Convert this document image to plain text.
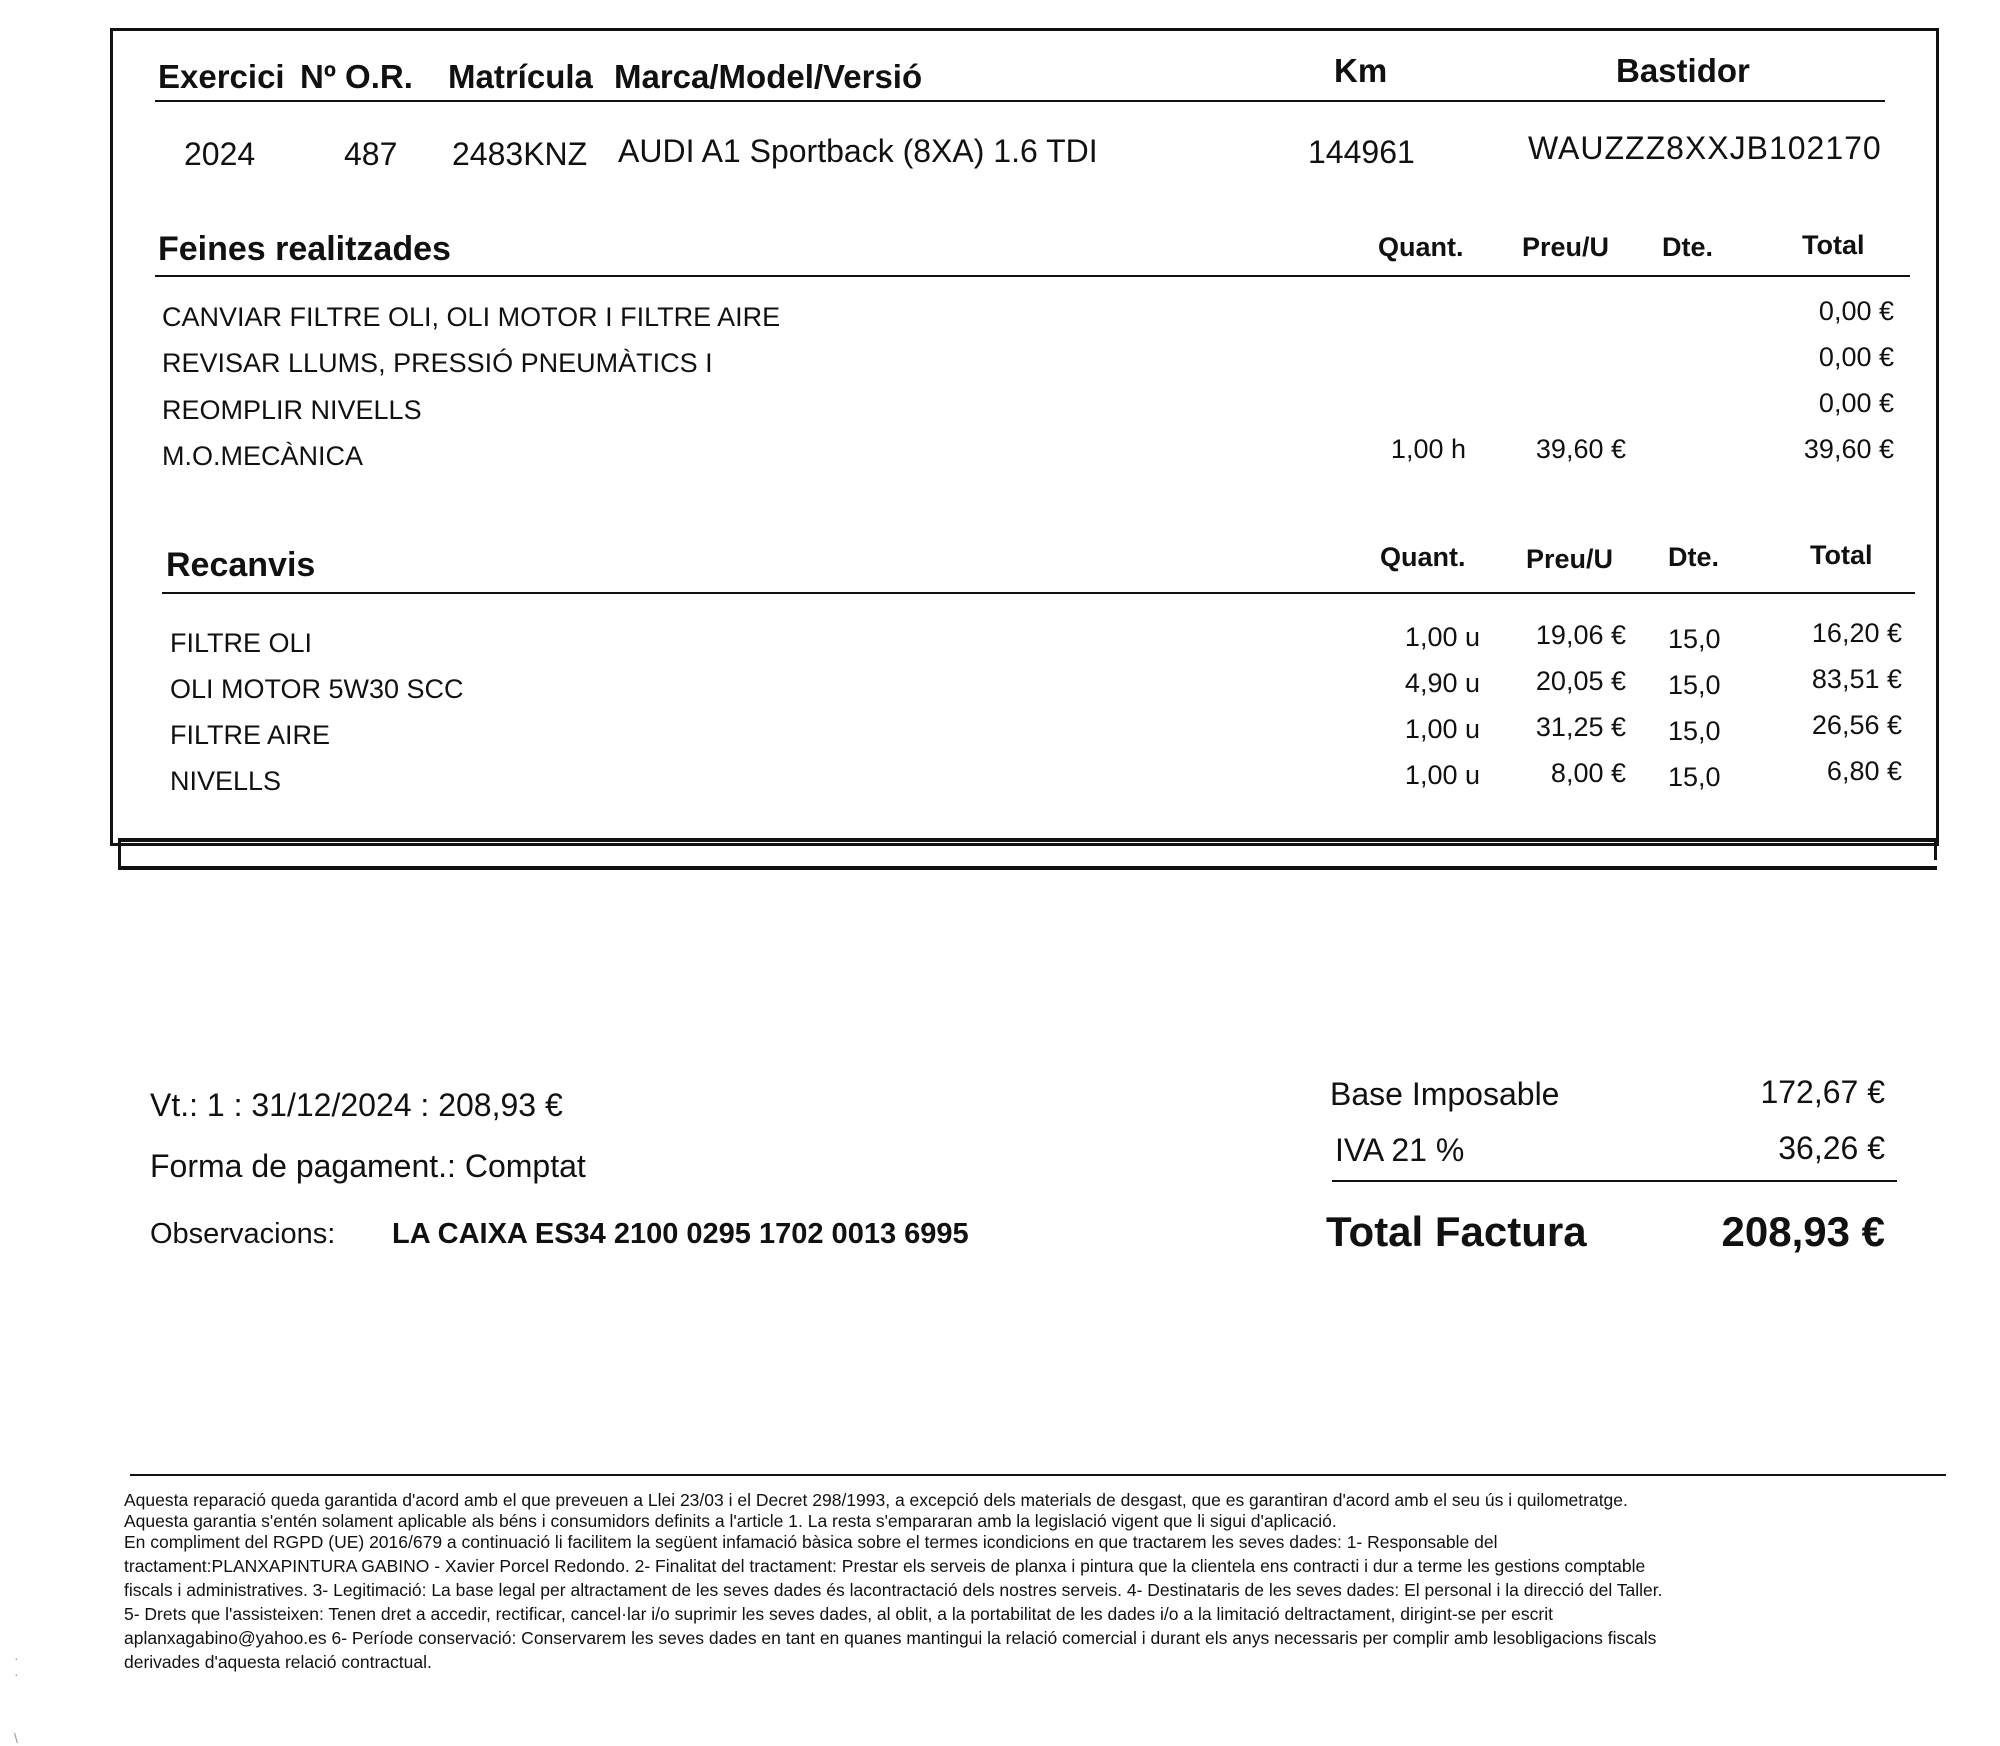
Exercici Nº O.R. Matrícula Marca/Model/Versió	Km	Bastidor
2024	487 2483KNZ AUDI A1 Sportback (8XA) 1.6 TDI	144961	WAUZZZ8XXJB102170
Feines realitzades	Quant. Preu/U Dte.	Total
CANVIAR FILTRE OLI, OLI MOTOR I FILTRE AIRE	0,00 €
REVISAR LLUMS, PRESSIÓ PNEUMÀTICS I	0,00 €
REOMPLIR NIVELLS	0,00 €
M.O.MECÀNICA	1,00 h	39,60 €	39,60 €
Recanvis	Quant. Preu/U Dte.	Total
FILTRE OLI	1,00 u	19,06 € 15,0	16,20 €
OLI MOTOR 5W30 SCC	4,90 u	20,05 € 15,0	83,51 €
FILTRE AIRE	1,00 u	31,25 € 15,0	26,56 €
NIVELLS	1,00 u	8,00 € 15,0	6,80 €
Vt.: 1 : 31/12/2024 : 208,93 €
Forma de pagament.: Comptat
Observacions: LA CAIXA ES34 2100 0295 1702 0013 6995
Base Imposable	172,67 €
IVA 21 %	36,26 €
Total Factura	208,93 €
Aquesta reparació queda garantida d'acord amb el que preveuen a Llei 23/03 i el Decret 298/1993, a excepció dels materials de desgast, que es garantiran d'acord amb el seu ús i quilometratge.
Aquesta garantia s'entén solament aplicable als béns i consumidors definits a l'article 1. La resta s'empararan amb la legislació vigent que li sigui d'aplicació.
En compliment del RGPD (UE) 2016/679 a continuació li facilitem la següent infamació bàsica sobre el termes icondicions en que tractarem les seves dades: 1- Responsable del
tractament:PLANXAPINTURA GABINO - Xavier Porcel Redondo. 2- Finalitat del tractament: Prestar els serveis de planxa i pintura que la clientela ens contracti i dur a terme les gestions comptable
fiscals i administratives. 3- Legitimació: La base legal per altractament de les seves dades és lacontractació dels nostres serveis. 4- Destinataris de les seves dades: El personal i la direcció del Taller.
5- Drets que l'assisteixen: Tenen dret a accedir, rectificar, cancel·lar i/o suprimir les seves dades, al oblit, a la portabilitat de les dades i/o a la limitació deltractament, dirigint-se per escrit
aplanxagabino@yahoo.es 6- Període conservació: Conservarem les seves dades en tant en quanes mantingui la relació comercial i durant els anys necessaris per complir amb lesobligacions fiscals
derivades d'aquesta relació contractual.
·
·

\
